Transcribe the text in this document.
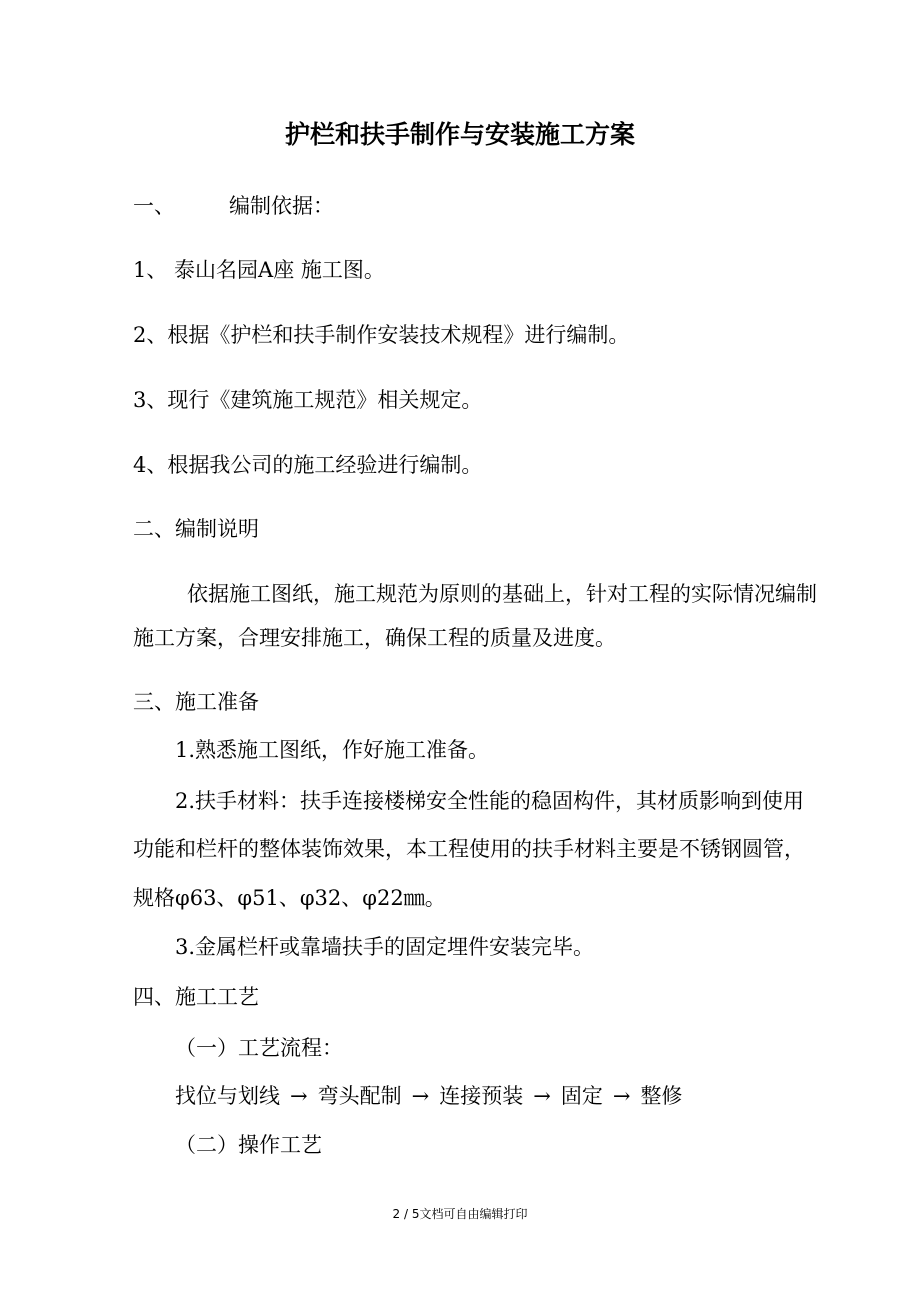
护栏和扶手制作与安装施工方案
一、	编制依据：
1、 泰山名园A座 施工图。
2、根据《护栏和扶手制作安装技术规程》进行编制。
3、现行《建筑施工规范》相关规定。
4、根据我公司的施工经验进行编制。
二、编制说明
依据施工图纸，施工规范为原则的基础上，针对工程的实际情况编制
施工方案，合理安排施工，确保工程的质量及进度。
三、施工准备
1.熟悉施工图纸，作好施工准备。
2.扶手材料：扶手连接楼梯安全性能的稳固构件，其材质影响到使用
功能和栏杆的整体装饰效果，本工程使用的扶手材料主要是不锈钢圆管，
规格φ63、φ51、φ32、φ22㎜。
3.金属栏杆或靠墙扶手的固定埋件安装完毕。
四、施工工艺
（一）工艺流程：
找位与划线 → 弯头配制 → 连接预装 → 固定 → 整修
（二）操作工艺
2 / 5文档可自由编辑打印
